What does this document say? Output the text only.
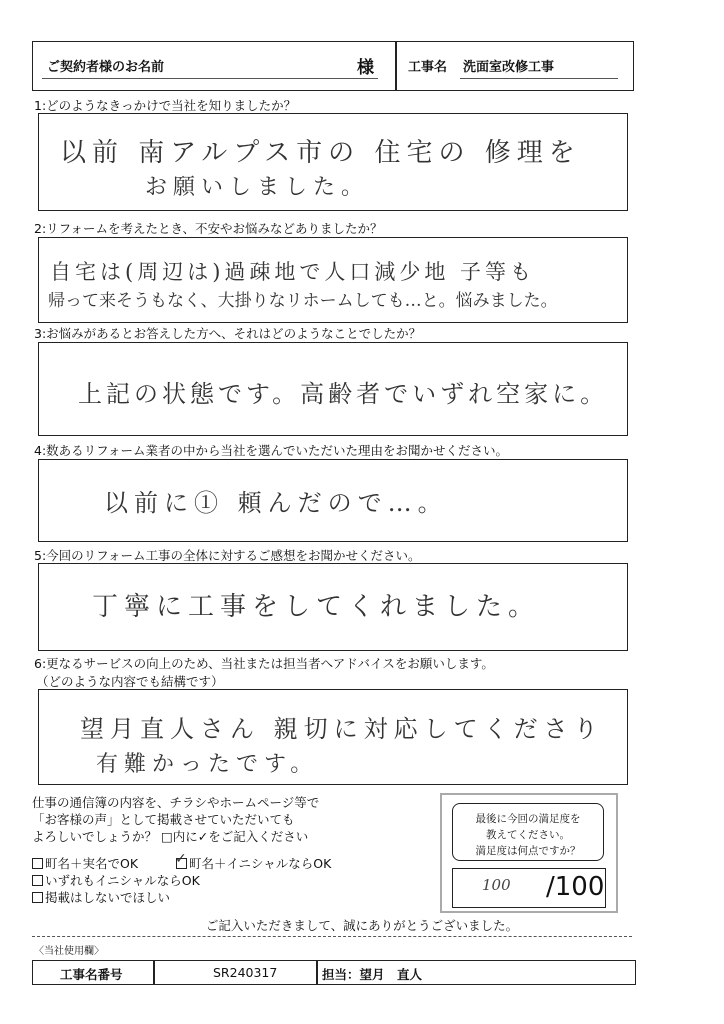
ご契約者様のお名前	様	工事名 洗面室改修工事
1:どのようなきっかけで当社を知りましたか？
以前 南アルプス市の 住宅の 修理を
お願いしました。
2:リフォームを考えたとき、不安やお悩みなどありましたか？
自宅は(周辺は)過疎地で人口減少地 子等も
帰って来そうもなく、大掛りなリホームしても…と。悩みました。
3:お悩みがあるとお答えした方へ、それはどのようなことでしたか？
上記の状態です。高齢者でいずれ空家に。
4:数あるリフォーム業者の中から当社を選んでいただいた理由をお聞かせください。
以前に① 頼んだので…。
5:今回のリフォーム工事の全体に対するご感想をお聞かせください。
丁寧に工事をしてくれました。
6:更なるサービスの向上のため、当社または担当者へアドバイスをお願いします。
（どのような内容でも結構です）
望月直人さん 親切に対応してくださり
有難かったです。
仕事の通信簿の内容を、チラシやホームページ等で
「お客様の声」として掲載させていただいても
よろしいでしょうか？ □内に✓をご記入ください
町名＋実名でOK	✓ 町名＋イニシャルならOK
いずれもイニシャルならOK
掲載はしないでほしい
最後に今回の満足度を
教えてください。
満足度は何点ですか？
100 /100
ご記入いただきまして、誠にありがとうございました。
〈当社使用欄〉
工事名番号	SR240317	担当：望月　直人
